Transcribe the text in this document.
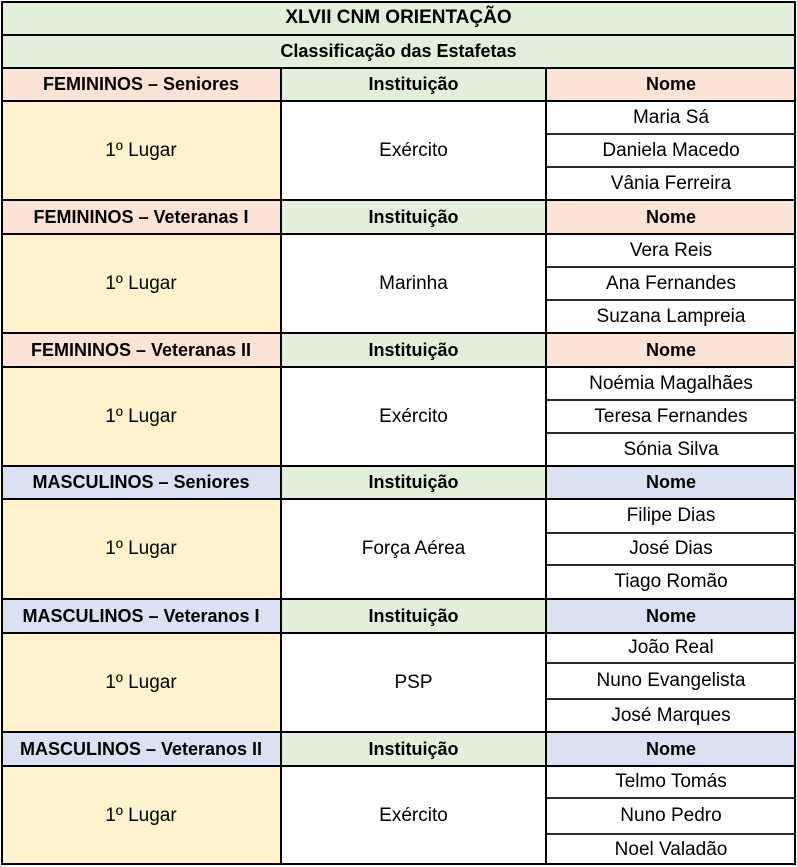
XLVII CNM ORIENTAÇÃO
Classificação das Estafetas
FEMININOS – Seniores	Instituição	Nome
1º Lugar	Exército
Maria Sá
Daniela Macedo
Vânia Ferreira
FEMININOS – Veteranas I	Instituição	Nome
1º Lugar	Marinha
Vera Reis
Ana Fernandes
Suzana Lampreia
FEMININOS – Veteranas II	Instituição	Nome
1º Lugar	Exército
Noémia Magalhães
Teresa Fernandes
Sónia Silva
MASCULINOS – Seniores	Instituição	Nome
1º Lugar	Força Aérea
Filipe Dias
José Dias
Tiago Romão
MASCULINOS – Veteranos I	Instituição	Nome
1º Lugar	PSP
João Real
Nuno Evangelista
José Marques
MASCULINOS – Veteranos II	Instituição	Nome
1º Lugar	Exército
Telmo Tomás
Nuno Pedro
Noel Valadão
